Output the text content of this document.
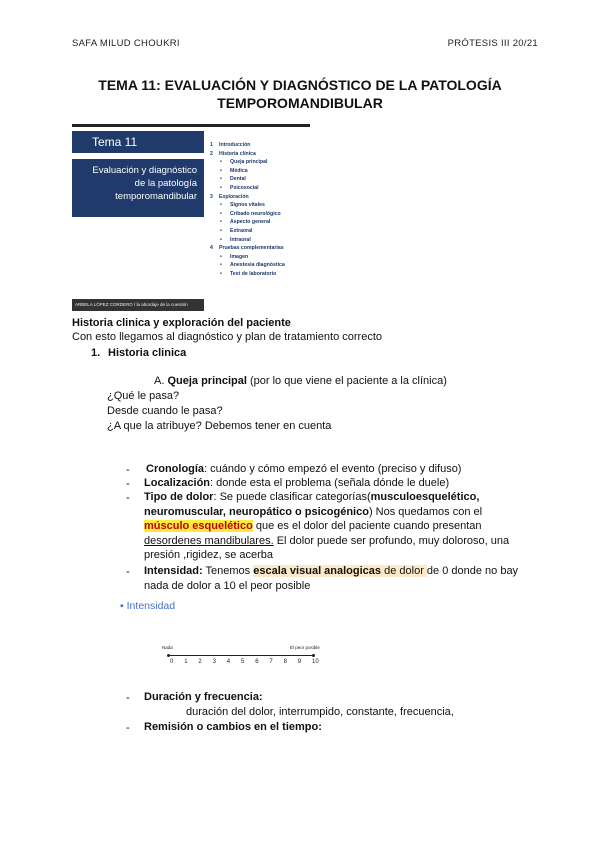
SAFA MILUD CHOUKRI	PRÓTESIS III 20/21
TEMA 11: EVALUACIÓN Y DIAGNÓSTICO DE LA PATOLOGÍA
TEMPOROMANDIBULAR
Tema 11
Evaluación y diagnóstico
de la patología
temporomandibular
ARBELA LÓPEZ CORDERO / la abordaje de la cuestión
1 Introducción
2 Historia clínica
• Queja principal
• Médica
• Dental
• Psicosocial
3 Exploración
• Signos vitales
• Cribado neurológico
• Aspecto general
• Extraoral
• Intraoral
4 Pruebas complementarias
• Imagen
• Anestesia diagnóstica
• Test de laboratorio
Historia clinica y exploración del paciente
Con esto llegamos al diagnóstico y plan de tratamiento correcto
1. Historia clinica
A. Queja principal (por lo que viene el paciente a la clínica)
¿Qué le pasa?
Desde cuando le pasa?
¿A que la atribuye? Debemos tener en cuenta
- Cronología: cuándo y cómo empezó el evento (preciso y difuso)
- Localización: donde esta el problema (señala dónde le duele)
- Tipo de dolor: Se puede clasificar categorías(musculoesquelético,
neuromuscular, neuropático o psicogénico) Nos quedamos con el
músculo esquelético que es el dolor del paciente cuando presentan
desordenes mandibulares. El dolor puede ser profundo, muy doloroso, una
presión ,rigidez, se acerba
- Intensidad: Tenemos escala visual analogicas de dolor de 0 donde no bay
nada de dolor a 10 el peor posible
▪ Intensidad
Nada	El peor posible
0 1 2 3 4 5 6 7 8 9 10
- Duración y frecuencia:
duración del dolor, interrumpido, constante, frecuencia,
- Remisión o cambios en el tiempo:
